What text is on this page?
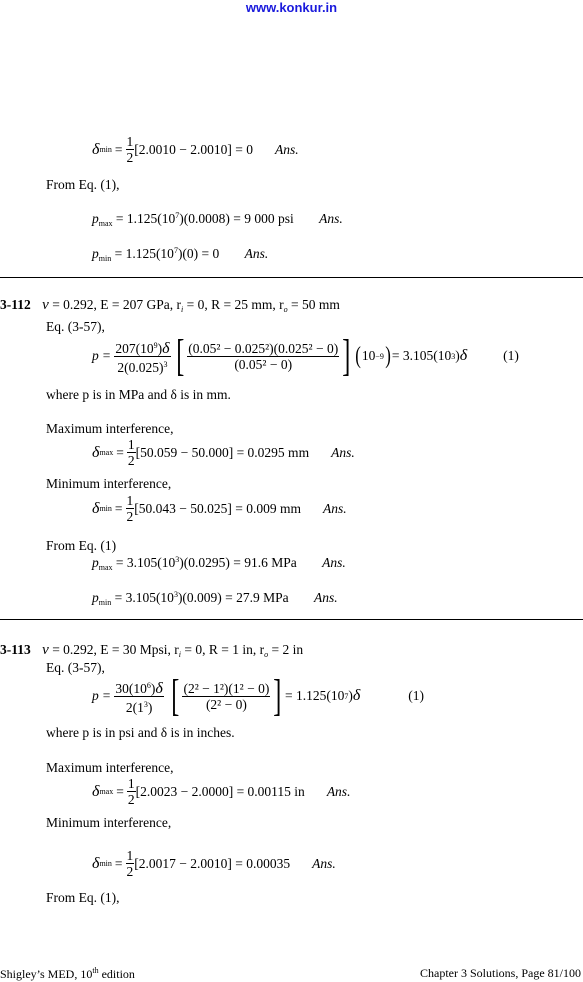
www.konkur.in
δ $\min = \frac{1}{2} [2.0010 - 2.0010] = 0$ Ans.
From Eq. (1),
$p_{max} = 1.125(10^7)(0.0008) = 9$ 000 psi Ans.
$p_{min} = 1.125(10^7)(0) = 0$ Ans.
3-112 ν = 0.292, E = 207 GPa, $r_i = 0$, R = 25 mm, $r_o = 50$ mm
Eq. (3-57),
$p = \frac{207(10^9)\delta}{2(0.025)^3}$ [ $\frac{\text{(0.05² − 0.025²)(0.025² − 0)}}{\text{(0.05² − 0)}}$ ] ( 10 −9 ) = 3.105(10 3 ) δ	(1)
where p is in MPa and δ is in mm.
Maximum interference,
δ $\max = \frac{1}{2} [50.059 - 50.000] = 0.0295$ mm Ans.
Minimum interference,
δ $\min = \frac{1}{2} [50.043 - 50.025] = 0.009$ mm Ans.
From Eq. (1)
$p_{max} = 3.105(10^3)(0.0295) = 91.6$ MPa Ans.
$p_{min} = 3.105(10^3)(0.009) = 27.9$ MPa Ans.
3-113 ν = 0.292, E = 30 Mpsi, $r_i = 0$, R = 1 in, $r_o = 2$ in
Eq. (3-57),
$p = \frac{30(10^6)\delta}{2(1^3)}$ [ $\frac{\text{(2² − 1²)(1² − 0)}}{\text{(2² − 0)}}$ ] = 1.125(10 7 ) δ	(1)
where p is in psi and δ is in inches.
Maximum interference,
δ $\max = \frac{1}{2} [2.0023 - 2.0000] = 0.00115$ in Ans.
Minimum interference,
δ $\min = \frac{1}{2} [2.0017 - 2.0010] = 0.00035$ Ans.
From Eq. (1),
Shigley’s MED, 10th edition	Chapter 3 Solutions, Page 81/100
